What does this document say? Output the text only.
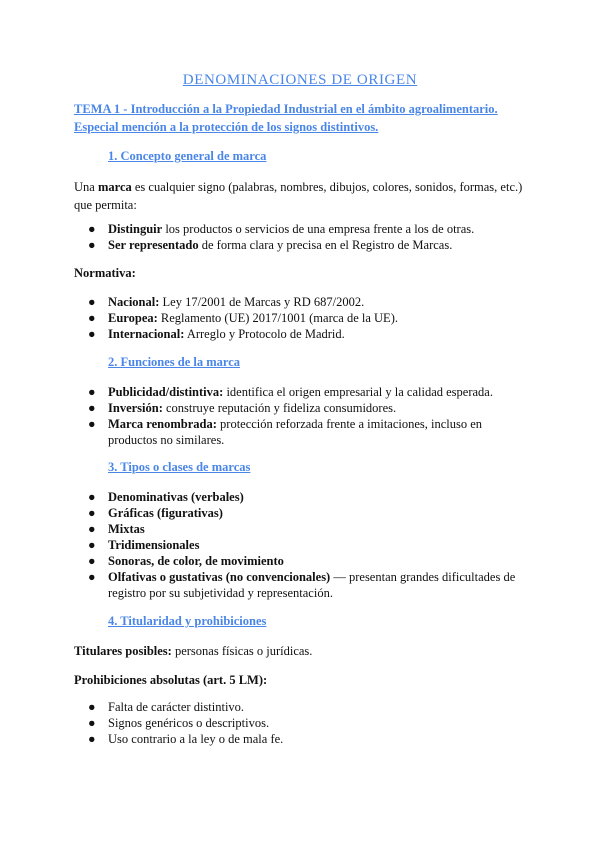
DENOMINACIONES DE ORIGEN
TEMA 1 - Introducción a la Propiedad Industrial en el ámbito agroalimentario. Especial mención a la protección de los signos distintivos.
1. Concepto general de marca
Una marca es cualquier signo (palabras, nombres, dibujos, colores, sonidos, formas, etc.) que permita:
● Distinguir los productos o servicios de una empresa frente a los de otras.
● Ser representado de forma clara y precisa en el Registro de Marcas.
Normativa:
● Nacional: Ley 17/2001 de Marcas y RD 687/2002.
● Europea: Reglamento (UE) 2017/1001 (marca de la UE).
● Internacional: Arreglo y Protocolo de Madrid.
2. Funciones de la marca
● Publicidad/distintiva: identifica el origen empresarial y la calidad esperada.
● Inversión: construye reputación y fideliza consumidores.
● Marca renombrada: protección reforzada frente a imitaciones, incluso en productos no similares.
3. Tipos o clases de marcas
● Denominativas (verbales)
● Gráficas (figurativas)
● Mixtas
● Tridimensionales
● Sonoras, de color, de movimiento
● Olfativas o gustativas (no convencionales) — presentan grandes dificultades de registro por su subjetividad y representación.
4. Titularidad y prohibiciones
Titulares posibles: personas físicas o jurídicas.
Prohibiciones absolutas (art. 5 LM):
● Falta de carácter distintivo.
● Signos genéricos o descriptivos.
● Uso contrario a la ley o de mala fe.
